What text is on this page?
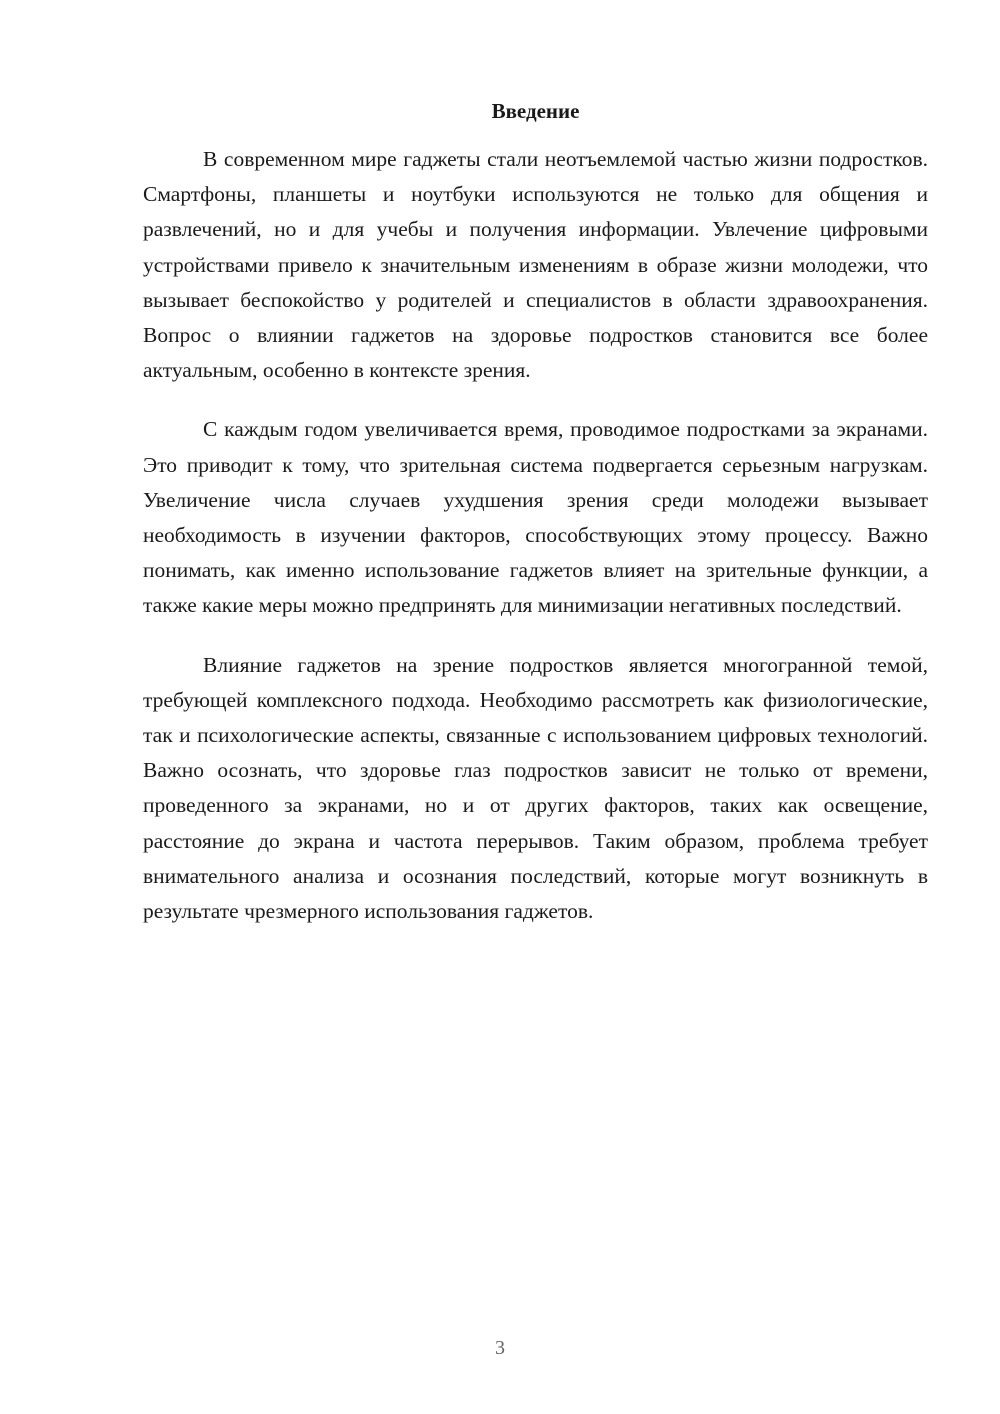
Введение

В современном мире гаджеты стали неотъемлемой частью жизни подростков. Смартфоны, планшеты и ноутбуки используются не только для общения и развлечений, но и для учебы и получения информации. Увлечение цифровыми устройствами привело к значительным изменениям в образе жизни молодежи, что вызывает беспокойство у родителей и специалистов в области здравоохранения. Вопрос о влиянии гаджетов на здоровье подростков становится все более актуальным, особенно в контексте зрения.

С каждым годом увеличивается время, проводимое подростками за экранами. Это приводит к тому, что зрительная система подвергается серьезным нагрузкам. Увеличение числа случаев ухудшения зрения среди молодежи вызывает необходимость в изучении факторов, способствующих этому процессу. Важно понимать, как именно использование гаджетов влияет на зрительные функции, а также какие меры можно предпринять для минимизации негативных последствий.

Влияние гаджетов на зрение подростков является многогранной темой, требующей комплексного подхода. Необходимо рассмотреть как физиологические, так и психологические аспекты, связанные с использованием цифровых технологий. Важно осознать, что здоровье глаз подростков зависит не только от времени, проведенного за экранами, но и от других факторов, таких как освещение, расстояние до экрана и частота перерывов. Таким образом, проблема требует внимательного анализа и осознания последствий, которые могут возникнуть в результате чрезмерного использования гаджетов.

3
